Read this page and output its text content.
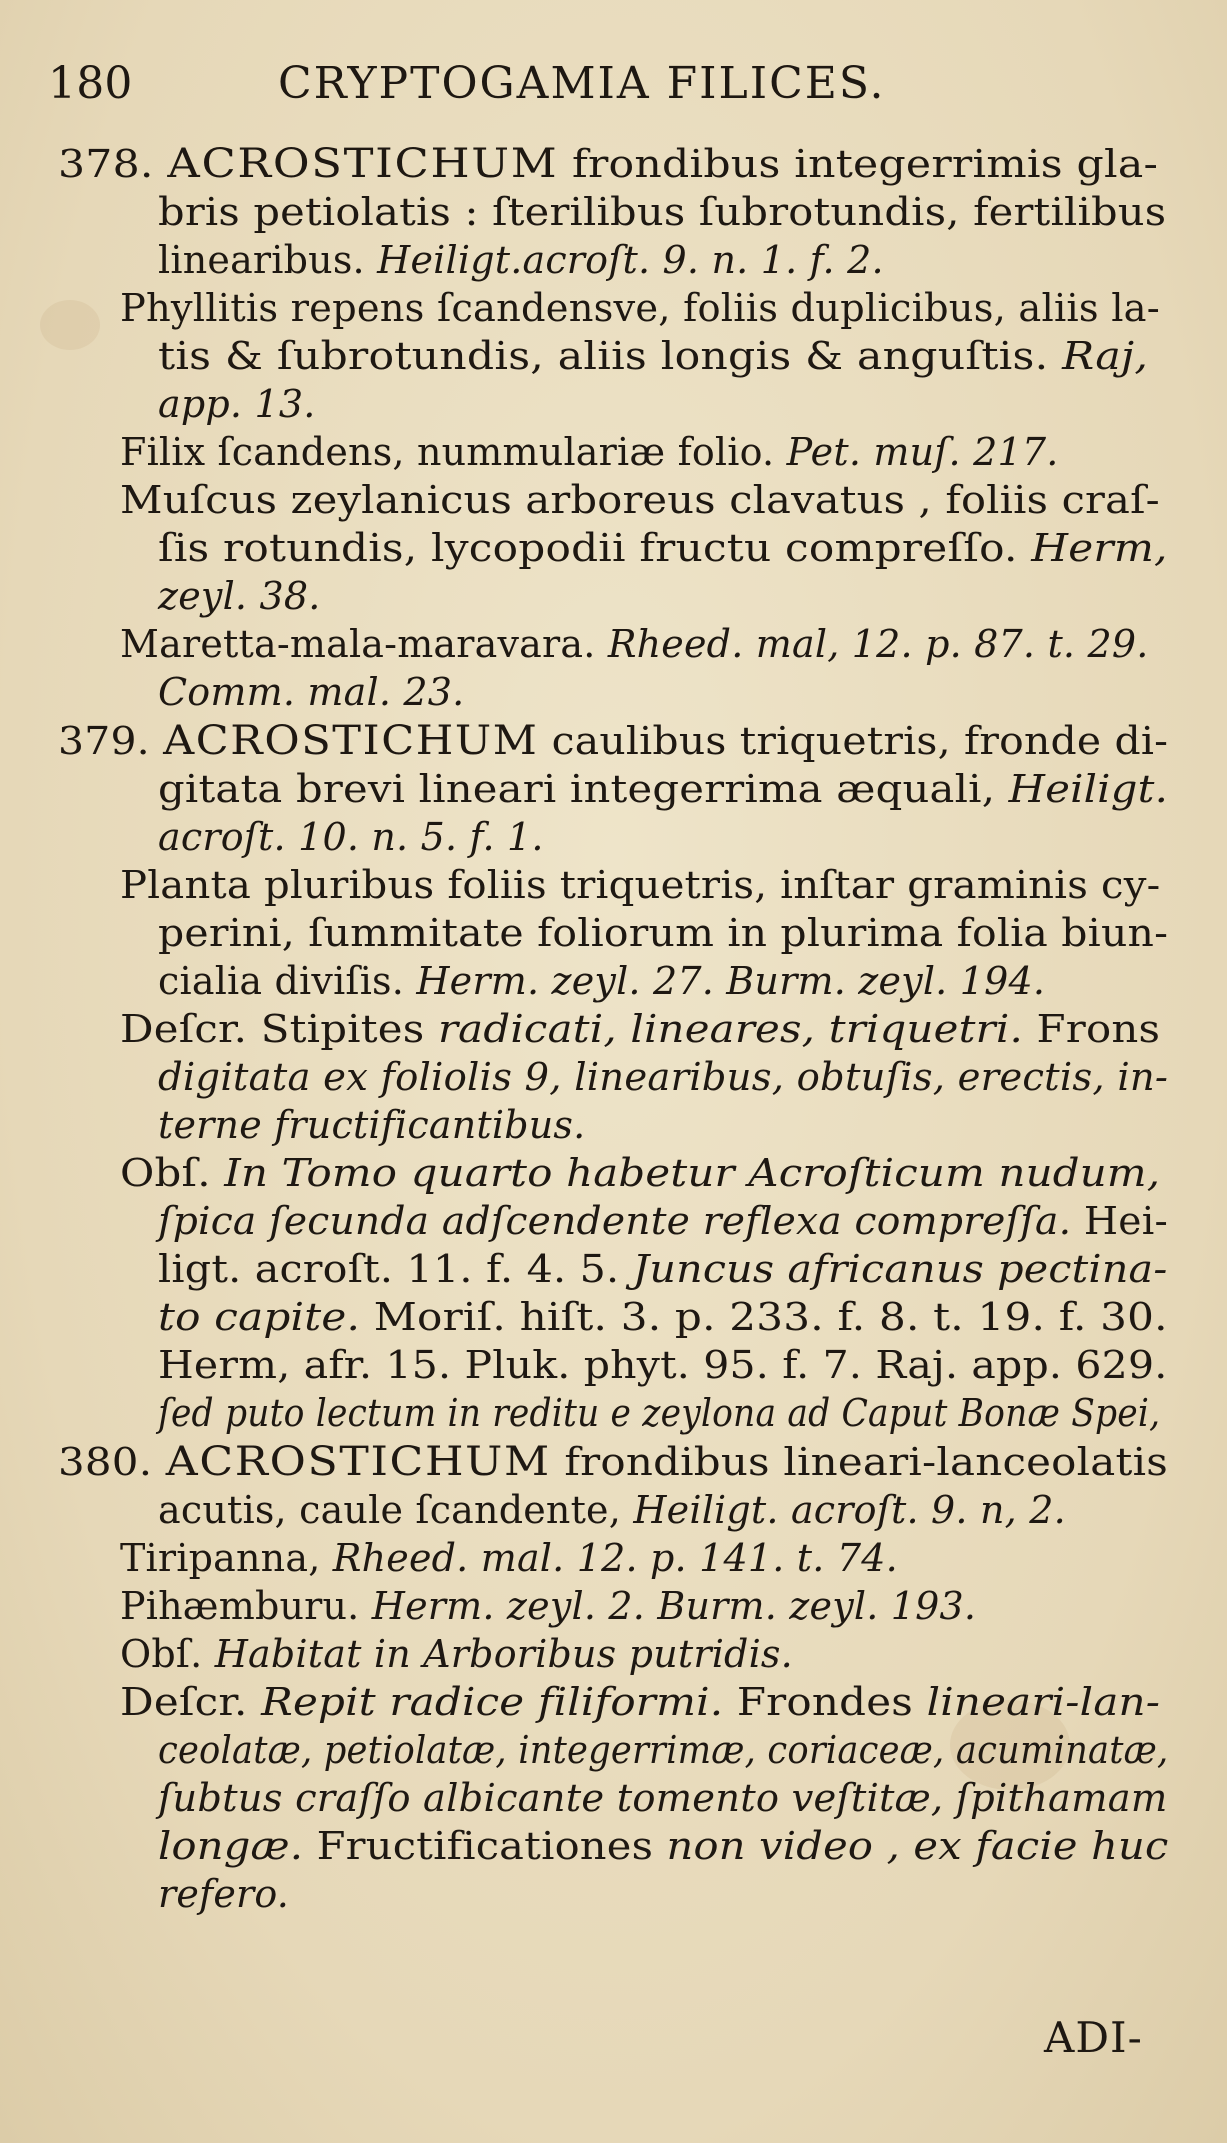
180	CRYPTOGAMIA FILICES.
378. ACROSTICHUM frondibus integerrimis gla-
bris petiolatis : ſterilibus ſubrotundis, fertilibus
linearibus. Heiligt.acroſt. 9. n. 1. f. 2.
Phyllitis repens ſcandensve, foliis duplicibus, aliis la-
tis & ſubrotundis, aliis longis & anguſtis. Raj,
app. 13.
Filix ſcandens, nummulariæ folio. Pet. muſ. 217.
Muſcus zeylanicus arboreus clavatus , foliis craſ-
ſis rotundis, lycopodii fructu compreſſo. Herm,
zeyl. 38.
Maretta-mala-maravara. Rheed. mal, 12. p. 87. t. 29.
Comm. mal. 23.
379. ACROSTICHUM caulibus triquetris, fronde di-
gitata brevi lineari integerrima æquali, Heiligt.
acroſt. 10. n. 5. f. 1.
Planta pluribus foliis triquetris, inſtar graminis cy-
perini, ſummitate foliorum in plurima folia biun-
cialia diviſis. Herm. zeyl. 27. Burm. zeyl. 194.
Deſcr. Stipites radicati, lineares, triquetri. Frons
digitata ex foliolis 9, linearibus, obtuſis, erectis, in-
terne fructificantibus.
Obſ. In Tomo quarto habetur Acroſticum nudum,
ſpica ſecunda adſcendente reflexa compreſſa. Hei-
ligt. acroſt. 11. f. 4. 5. Juncus africanus pectina-
to capite. Moriſ. hiſt. 3. p. 233. f. 8. t. 19. f. 30.
Herm, afr. 15. Pluk. phyt. 95. f. 7. Raj. app. 629.
ſed puto lectum in reditu e zeylona ad Caput Bonæ Spei,
380. ACROSTICHUM frondibus lineari-lanceolatis
acutis, caule ſcandente, Heiligt. acroſt. 9. n, 2.
Tiripanna, Rheed. mal. 12. p. 141. t. 74.
Pihæmburu. Herm. zeyl. 2. Burm. zeyl. 193.
Obſ. Habitat in Arboribus putridis.
Deſcr. Repit radice filiformi. Frondes lineari-lan-
ceolatæ, petiolatæ, integerrimæ, coriaceæ, acuminatæ,
ſubtus craſſo albicante tomento veſtitæ, ſpithamam
longæ. Fructificationes non video , ex facie huc
refero.
ADI-
